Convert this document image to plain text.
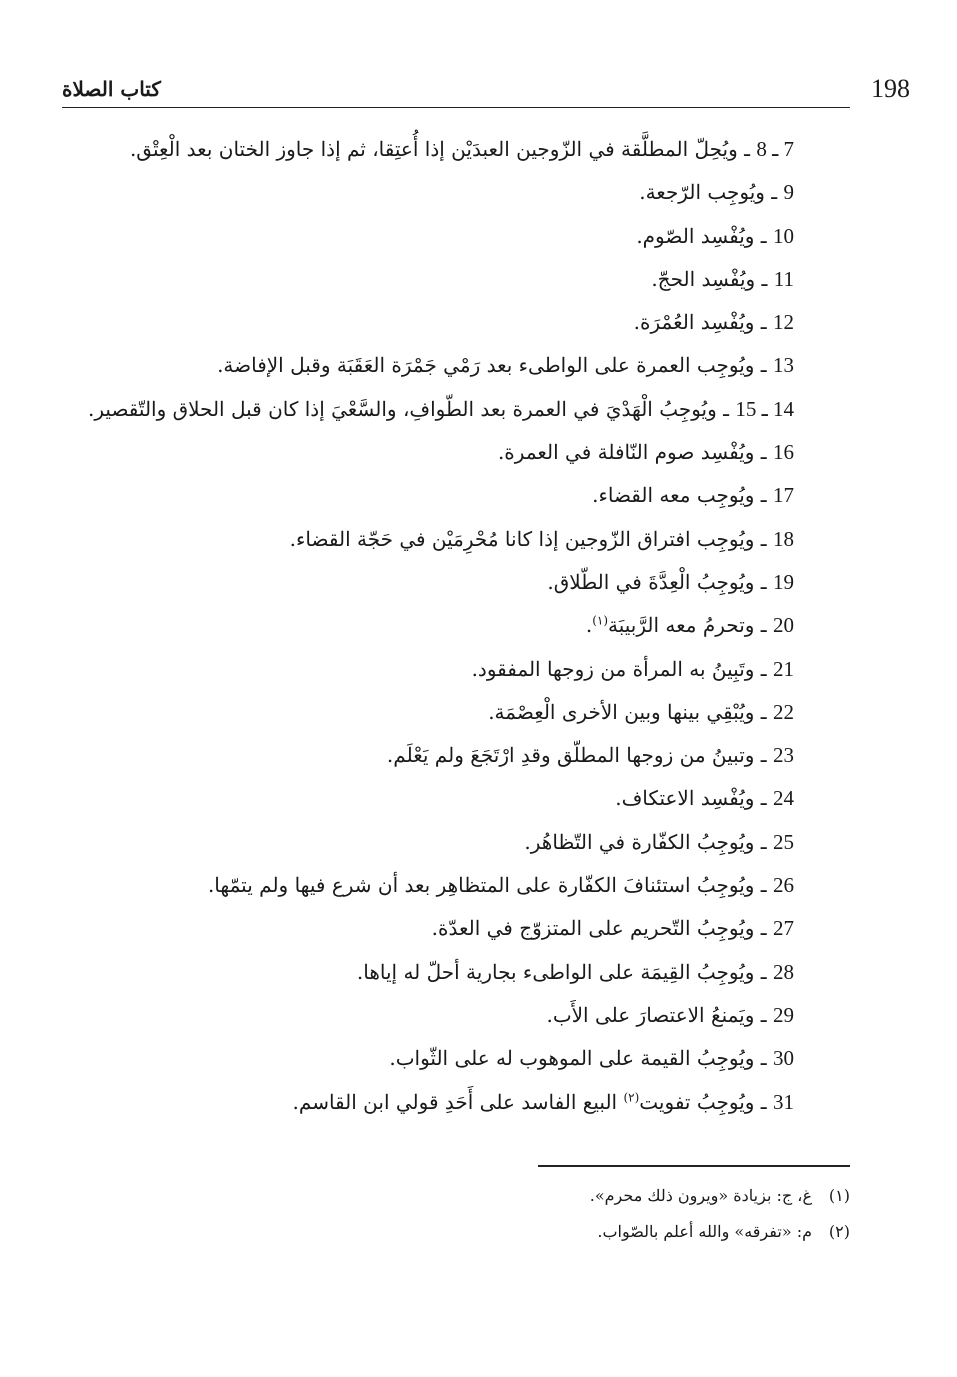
كتاب الصلاة	198
7 ـ 8 ـ ويُحِلّ المطلَّقة في الزّوجين العبدَيْن إذا أُعتِقا، ثم إذا جاوز الختان بعد الْعِتْق.
9 ـ ويُوجِب الرّجعة.
10 ـ ويُفْسِد الصّوم.
11 ـ ويُفْسِد الحجّ.
12 ـ ويُفْسِد العُمْرَة.
13 ـ ويُوجِب العمرة على الواطىء بعد رَمْي جَمْرَة العَقَبَة وقبل الإفاضة.
14 ـ 15 ـ ويُوجِبُ الْهَدْيَ في العمرة بعد الطّوافِ، والسَّعْيَ إذا كان قبل الحلاق والتّقصير.
16 ـ ويُفْسِد صوم النّافلة في العمرة.
17 ـ ويُوجِب معه القضاء.
18 ـ ويُوجِب افتراق الزّوجين إذا كانا مُحْرِمَيْن في حَجّة القضاء.
19 ـ ويُوجِبُ الْعِدَّةَ في الطّلاق.
20 ـ وتحرمُ معه الرَّبيبَة$^{(١)}$.
21 ـ وتَبِينُ به المرأة من زوجها المفقود.
22 ـ ويُبْقِي بينها وبين الأخرى الْعِصْمَة.
23 ـ وتبينُ من زوجها المطلّق وقدِ ارْتَجَعَ ولم يَعْلَم.
24 ـ ويُفْسِد الاعتكاف.
25 ـ ويُوجِبُ الكفّارة في التّظاهُر.
26 ـ ويُوجِبُ استئنافَ الكفّارة على المتظاهِر بعد أن شرع فيها ولم يتمّها.
27 ـ ويُوجِبُ التّحريم على المتزوّج في العدّة.
28 ـ ويُوجِبُ القِيمَة على الواطىء بجارية أحلّ له إياها.
29 ـ ويَمنعُ الاعتصارَ على الأَب.
30 ـ ويُوجِبُ القيمة على الموهوب له على الثّواب.
31 ـ ويُوجِبُ تفويت$^{(٢)}$ البيع الفاسد على أَحَدِ قولي ابن القاسم.
(١)غ، ج: بزيادة «ويرون ذلك محرم».
(٢)م: «تفرقه» والله أعلم بالصّواب.
